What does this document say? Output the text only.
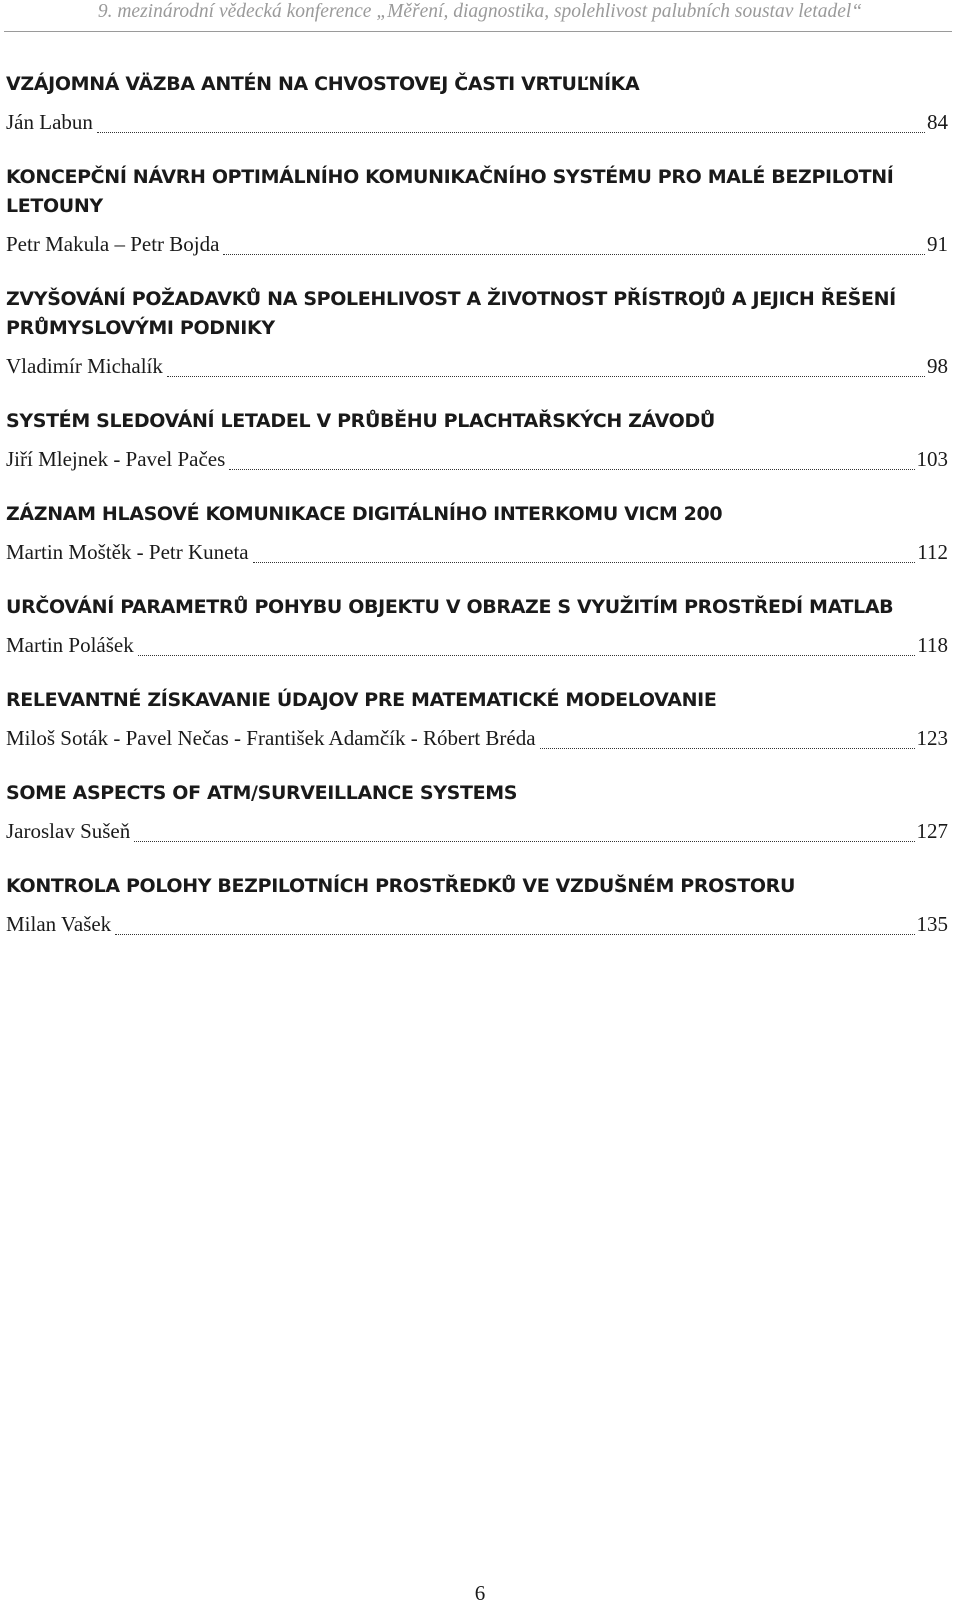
9. mezinárodní vědecká konference „Měření, diagnostika, spolehlivost palubních soustav letadel“
VZÁJOMNÁ VÄZBA ANTÉN NA CHVOSTOVEJ ČASTI VRTUĽNÍKA
Ján Labun	84
KONCEPČNÍ NÁVRH OPTIMÁLNÍHO KOMUNIKAČNÍHO SYSTÉMU PRO MALÉ BEZPILOTNÍ LETOUNY
Petr Makula – Petr Bojda	91
ZVYŠOVÁNÍ POŽADAVKŮ NA SPOLEHLIVOST A ŽIVOTNOST PŘÍSTROJŮ A JEJICH ŘEŠENÍ PRŮMYSLOVÝMI PODNIKY
Vladimír Michalík	98
SYSTÉM SLEDOVÁNÍ LETADEL V PRŮBĚHU PLACHTAŘSKÝCH ZÁVODŮ
Jiří Mlejnek - Pavel Pačes	103
ZÁZNAM HLASOVÉ KOMUNIKACE DIGITÁLNÍHO INTERKOMU VICM 200
Martin Moštěk - Petr Kuneta	112
URČOVÁNÍ PARAMETRŮ POHYBU OBJEKTU V OBRAZE S VYUŽITÍM PROSTŘEDÍ MATLAB
Martin Polášek	118
RELEVANTNÉ ZÍSKAVANIE ÚDAJOV PRE MATEMATICKÉ MODELOVANIE
Miloš Soták - Pavel Nečas - František Adamčík - Róbert Bréda	123
SOME ASPECTS OF ATM/SURVEILLANCE SYSTEMS
Jaroslav Sušeň	127
KONTROLA POLOHY BEZPILOTNÍCH PROSTŘEDKŮ VE VZDUŠNÉM PROSTORU
Milan Vašek	135
6
